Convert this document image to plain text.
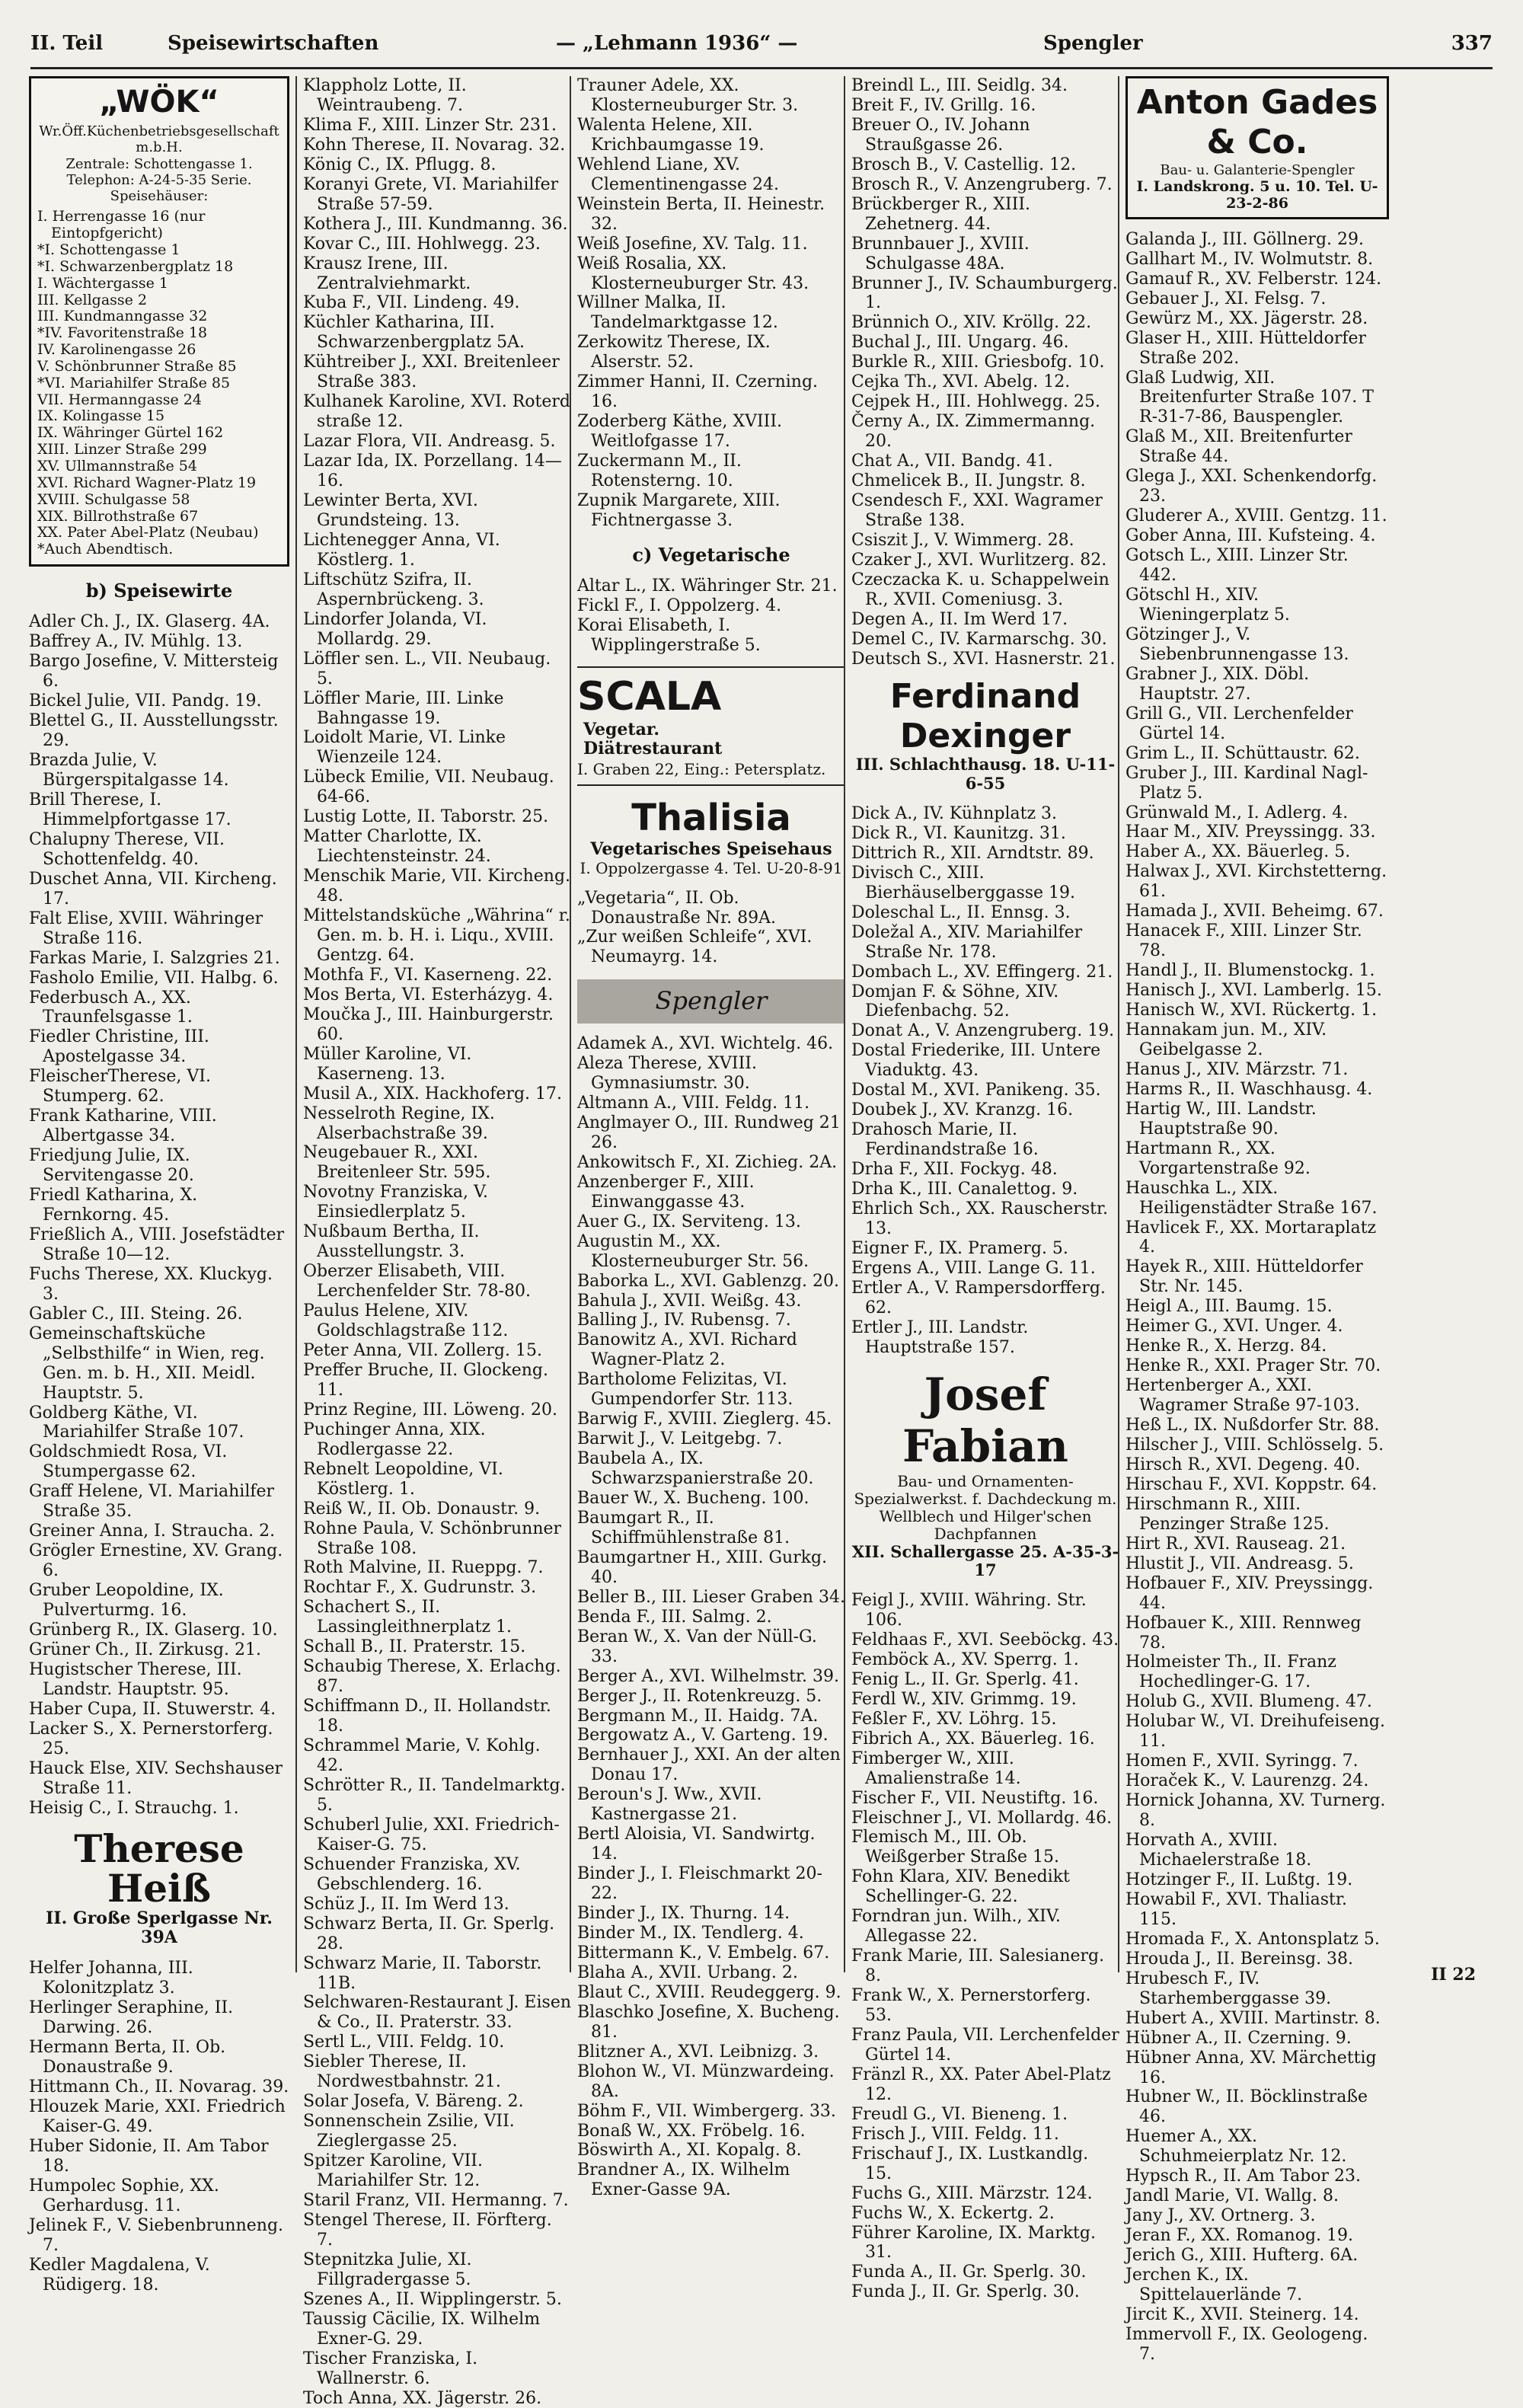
II. Teil	Speisewirtschaften	— „Lehmann 1936“ —	Spengler	337

„WÖK“

Wr.Öff.Küchenbetriebsgesellschaft m.b.H.

Zentrale: Schottengasse 1.

Telephon: A-24-5-35 Serie.

Speisehäuser:

I. Herrengasse 16 (nur Eintopfgericht)

*I. Schottengasse 1

*I. Schwarzenbergplatz 18

I. Wächtergasse 1

III. Kellgasse 2

III. Kundmanngasse 32

*IV. Favoritenstraße 18

IV. Karolinengasse 26

V. Schönbrunner Straße 85

*VI. Mariahilfer Straße 85

VII. Hermanngasse 24

IX. Kolingasse 15

IX. Währinger Gürtel 162

XIII. Linzer Straße 299

XV. Ullmannstraße 54

XVI. Richard Wagner-Platz 19

XVIII. Schulgasse 58

XIX. Billrothstraße 67

XX. Pater Abel-Platz (Neubau)

*Auch Abendtisch.

b) Speisewirte

Adler Ch. J., IX. Glaserg. 4A.

Baffrey A., IV. Mühlg. 13.

Bargo Josefine, V. Mittersteig 6.

Bickel Julie, VII. Pandg. 19.

Blettel G., II. Ausstellungsstr. 29.

Brazda Julie, V. Bürgerspitalgasse 14.

Brill Therese, I. Himmelpfortgasse 17.

Chalupny Therese, VII. Schottenfeldg. 40.

Duschet Anna, VII. Kircheng. 17.

Falt Elise, XVIII. Währinger Straße 116.

Farkas Marie, I. Salzgries 21.

Fasholo Emilie, VII. Halbg. 6.

Federbusch A., XX. Traunfelsgasse 1.

Fiedler Christine, III. Apostelgasse 34.

FleischerTherese, VI. Stumperg. 62.

Frank Katharine, VIII. Albertgasse 34.

Friedjung Julie, IX. Servitengasse 20.

Friedl Katharina, X. Fernkorng. 45.

Frießlich A., VIII. Josefstädter Straße 10—12.

Fuchs Therese, XX. Kluckyg. 3.

Gabler C., III. Steing. 26.

Gemeinschaftsküche „Selbsthilfe“ in Wien, reg. Gen. m. b. H., XII. Meidl. Hauptstr. 5.

Goldberg Käthe, VI. Mariahilfer Straße 107.

Goldschmiedt Rosa, VI. Stumpergasse 62.

Graff Helene, VI. Mariahilfer Straße 35.

Greiner Anna, I. Straucha. 2.

Grögler Ernestine, XV. Grang. 6.

Gruber Leopoldine, IX. Pulverturmg. 16.

Grünberg R., IX. Glaserg. 10.

Grüner Ch., II. Zirkusg. 21.

Hugistscher Therese, III. Landstr. Hauptstr. 95.

Haber Cupa, II. Stuwerstr. 4.

Lacker S., X. Pernerstorferg. 25.

Hauck Else, XIV. Sechshauser Straße 11.

Heisig C., I. Strauchg. 1.

Therese Heiß
II. Große Sperlgasse Nr. 39A

Helfer Johanna, III. Kolonitzplatz 3.

Herlinger Seraphine, II. Darwing. 26.

Hermann Berta, II. Ob. Donaustraße 9.

Hittmann Ch., II. Novarag. 39.

Hlouzek Marie, XXI. Friedrich Kaiser-G. 49.

Huber Sidonie, II. Am Tabor 18.

Humpolec Sophie, XX. Gerhardusg. 11.

Jelinek F., V. Siebenbrunneng. 7.

Kedler Magdalena, V. Rüdigerg. 18.

Klappholz Lotte, II. Weintraubeng. 7.

Klima F., XIII. Linzer Str. 231.

Kohn Therese, II. Novarag. 32.

König C., IX. Pflugg. 8.

Koranyi Grete, VI. Mariahilfer Straße 57-59.

Kothera J., III. Kundmanng. 36.

Kovar C., III. Hohlwegg. 23.

Krausz Irene, III. Zentralviehmarkt.

Kuba F., VII. Lindeng. 49.

Küchler Katharina, III. Schwarzenbergplatz 5A.

Kühtreiber J., XXI. Breitenleer Straße 383.

Kulhanek Karoline, XVI. Roterd straße 12.

Lazar Flora, VII. Andreasg. 5.

Lazar Ida, IX. Porzellang. 14—16.

Lewinter Berta, XVI. Grundsteing. 13.

Lichtenegger Anna, VI. Köstlerg. 1.

Liftschütz Szifra, II. Aspernbrückeng. 3.

Lindorfer Jolanda, VI. Mollardg. 29.

Löffler sen. L., VII. Neubaug. 5.

Löffler Marie, III. Linke Bahngasse 19.

Loidolt Marie, VI. Linke Wienzeile 124.

Lübeck Emilie, VII. Neubaug. 64-66.

Lustig Lotte, II. Taborstr. 25.

Matter Charlotte, IX. Liechtensteinstr. 24.

Menschik Marie, VII. Kircheng. 48.

Mittelstandsküche „Währina“ r. Gen. m. b. H. i. Liqu., XVIII. Gentzg. 64.

Mothfa F., VI. Kaserneng. 22.

Mos Berta, VI. Esterházyg. 4.

Moučka J., III. Hainburgerstr. 60.

Müller Karoline, VI. Kaserneng. 13.

Musil A., XIX. Hackhoferg. 17.

Nesselroth Regine, IX. Alserbachstraße 39.

Neugebauer R., XXI. Breitenleer Str. 595.

Novotny Franziska, V. Einsiedlerplatz 5.

Nußbaum Bertha, II. Ausstellungstr. 3.

Oberzer Elisabeth, VIII. Lerchenfelder Str. 78-80.

Paulus Helene, XIV. Goldschlagstraße 112.

Peter Anna, VII. Zollerg. 15.

Preffer Bruche, II. Glockeng. 11.

Prinz Regine, III. Löweng. 20.

Puchinger Anna, XIX. Rodlergasse 22.

Rebnelt Leopoldine, VI. Köstlerg. 1.

Reiß W., II. Ob. Donaustr. 9.

Rohne Paula, V. Schönbrunner Straße 108.

Roth Malvine, II. Rueppg. 7.

Rochtar F., X. Gudrunstr. 3.

Schachert S., II. Lassingleithnerplatz 1.

Schall B., II. Praterstr. 15.

Schaubig Therese, X. Erlachg. 87.

Schiffmann D., II. Hollandstr. 18.

Schrammel Marie, V. Kohlg. 42.

Schrötter R., II. Tandelmarktg. 5.

Schuberl Julie, XXI. Friedrich-Kaiser-G. 75.

Schuender Franziska, XV. Gebschlenderg. 16.

Schüz J., II. Im Werd 13.

Schwarz Berta, II. Gr. Sperlg. 28.

Schwarz Marie, II. Taborstr. 11B.

Selchwaren-Restaurant J. Eisen & Co., II. Praterstr. 33.

Sertl L., VIII. Feldg. 10.

Siebler Therese, II. Nordwestbahnstr. 21.

Solar Josefa, V. Bäreng. 2.

Sonnenschein Zsilie, VII. Zieglergasse 25.

Spitzer Karoline, VII. Mariahilfer Str. 12.

Staril Franz, VII. Hermanng. 7.

Stengel Therese, II. Förfterg. 7.

Stepnitzka Julie, XI. Fillgradergasse 5.

Szenes A., II. Wipplingerstr. 5.

Taussig Cäcilie, IX. Wilhelm Exner-G. 29.

Tischer Franziska, I. Wallnerstr. 6.

Toch Anna, XX. Jägerstr. 26.

Trauner Adele, XX. Klosterneuburger Str. 3.

Walenta Helene, XII. Krichbaumgasse 19.

Wehlend Liane, XV. Clementinengasse 24.

Weinstein Berta, II. Heinestr. 32.

Weiß Josefine, XV. Talg. 11.

Weiß Rosalia, XX. Klosterneuburger Str. 43.

Willner Malka, II. Tandelmarktgasse 12.

Zerkowitz Therese, IX. Alserstr. 52.

Zimmer Hanni, II. Czerning. 16.

Zoderberg Käthe, XVIII. Weitlofgasse 17.

Zuckermann M., II. Rotensterng. 10.

Zupnik Margarete, XIII. Fichtnergasse 3.

c) Vegetarische

Altar L., IX. Währinger Str. 21.

Fickl F., I. Oppolzerg. 4.

Korai Elisabeth, I. Wipplingerstraße 5.

SCALA Vegetar.
Diätrestaurant
I. Graben 22, Eing.: Petersplatz.
Thalisia
Vegetarisches Speisehaus
I. Oppolzergasse 4. Tel. U-20-8-91

„Vegetaria“, II. Ob. Donaustraße Nr. 89A.

„Zur weißen Schleife“, XVI. Neumayrg. 14.

Spengler

Adamek A., XVI. Wichtelg. 46.

Aleza Therese, XVIII. Gymnasiumstr. 30.

Altmann A., VIII. Feldg. 11.

Anglmayer O., III. Rundweg 21 26.

Ankowitsch F., XI. Zichieg. 2A.

Anzenberger F., XIII. Einwanggasse 43.

Auer G., IX. Serviteng. 13.

Augustin M., XX. Klosterneuburger Str. 56.

Baborka L., XVI. Gablenzg. 20.

Bahula J., XVII. Weißg. 43.

Balling J., IV. Rubensg. 7.

Banowitz A., XVI. Richard Wagner-Platz 2.

Bartholome Felizitas, VI. Gumpendorfer Str. 113.

Barwig F., XVIII. Zieglerg. 45.

Barwit J., V. Leitgebg. 7.

Baubela A., IX. Schwarzspanierstraße 20.

Bauer W., X. Bucheng. 100.

Baumgart R., II. Schiffmühlenstraße 81.

Baumgartner H., XIII. Gurkg. 40.

Beller B., III. Lieser Graben 34.

Benda F., III. Salmg. 2.

Beran W., X. Van der Nüll-G. 33.

Berger A., XVI. Wilhelmstr. 39.

Berger J., II. Rotenkreuzg. 5.

Bergmann M., II. Haidg. 7A.

Bergowatz A., V. Garteng. 19.

Bernhauer J., XXI. An der alten Donau 17.

Beroun's J. Ww., XVII. Kastnergasse 21.

Bertl Aloisia, VI. Sandwirtg. 14.

Binder J., I. Fleischmarkt 20-22.

Binder J., IX. Thurng. 14.

Binder M., IX. Tendlerg. 4.

Bittermann K., V. Embelg. 67.

Blaha A., XVII. Urbang. 2.

Blaut C., XVIII. Reudeggerg. 9.

Blaschko Josefine, X. Bucheng. 81.

Blitzner A., XVI. Leibnizg. 3.

Blohon W., VI. Münzwardeing. 8A.

Böhm F., VII. Wimbergerg. 33.

Bonaß W., XX. Fröbelg. 16.

Böswirth A., XI. Kopalg. 8.

Brandner A., IX. Wilhelm Exner-Gasse 9A.

Breindl L., III. Seidlg. 34.

Breit F., IV. Grillg. 16.

Breuer O., IV. Johann Straußgasse 26.

Brosch B., V. Castellig. 12.

Brosch R., V. Anzengruberg. 7.

Brückberger R., XIII. Zehetnerg. 44.

Brunnbauer J., XVIII. Schulgasse 48A.

Brunner J., IV. Schaumburgerg. 1.

Brünnich O., XIV. Kröllg. 22.

Buchal J., III. Ungarg. 46.

Burkle R., XIII. Griesbofg. 10.

Cejka Th., XVI. Abelg. 12.

Cejpek H., III. Hohlwegg. 25.

Černy A., IX. Zimmermanng. 20.

Chat A., VII. Bandg. 41.

Chmelicek B., II. Jungstr. 8.

Csendesch F., XXI. Wagramer Straße 138.

Csiszit J., V. Wimmerg. 28.

Czaker J., XVI. Wurlitzerg. 82.

Czeczacka K. u. Schappelwein R., XVII. Comeniusg. 3.

Degen A., II. Im Werd 17.

Demel C., IV. Karmarschg. 30.

Deutsch S., XVI. Hasnerstr. 21.

Ferdinand Dexinger
III. Schlachthausg. 18. U-11-6-55

Dick A., IV. Kühnplatz 3.

Dick R., VI. Kaunitzg. 31.

Dittrich R., XII. Arndtstr. 89.

Divisch C., XIII. Bierhäuselberggasse 19.

Doleschal L., II. Ennsg. 3.

Doležal A., XIV. Mariahilfer Straße Nr. 178.

Dombach L., XV. Effingerg. 21.

Domjan F. & Söhne, XIV. Diefenbachg. 52.

Donat A., V. Anzengruberg. 19.

Dostal Friederike, III. Untere Viaduktg. 43.

Dostal M., XVI. Panikeng. 35.

Doubek J., XV. Kranzg. 16.

Drahosch Marie, II. Ferdinandstraße 16.

Drha F., XII. Fockyg. 48.

Drha K., III. Canalettog. 9.

Ehrlich Sch., XX. Rauscherstr. 13.

Eigner F., IX. Pramerg. 5.

Ergens A., VIII. Lange G. 11.

Ertler A., V. Rampersdorfferg. 62.

Ertler J., III. Landstr. Hauptstraße 157.

Josef Fabian
Bau- und Ornamenten-Spezialwerkst. f. Dachdeckung m. Wellblech und Hilger'schen Dachpfannen
XII. Schallergasse 25. A-35-3-17

Feigl J., XVIII. Währing. Str. 106.

Feldhaas F., XVI. Seeböckg. 43.

Femböck A., XV. Sperrg. 1.

Fenig L., II. Gr. Sperlg. 41.

Ferdl W., XIV. Grimmg. 19.

Feßler F., XV. Löhrg. 15.

Fibrich A., XX. Bäuerleg. 16.

Fimberger W., XIII. Amalienstraße 14.

Fischer F., VII. Neustiftg. 16.

Fleischner J., VI. Mollardg. 46.

Flemisch M., III. Ob. Weißgerber Straße 15.

Fohn Klara, XIV. Benedikt Schellinger-G. 22.

Forndran jun. Wilh., XIV. Allegasse 22.

Frank Marie, III. Salesianerg. 8.

Frank W., X. Pernerstorferg. 53.

Franz Paula, VII. Lerchenfelder Gürtel 14.

Fränzl R., XX. Pater Abel-Platz 12.

Freudl G., VI. Bieneng. 1.

Frisch J., VIII. Feldg. 11.

Frischauf J., IX. Lustkandlg. 15.

Fuchs G., XIII. Märzstr. 124.

Fuchs W., X. Eckertg. 2.

Führer Karoline, IX. Marktg. 31.

Funda A., II. Gr. Sperlg. 30.

Funda J., II. Gr. Sperlg. 30.

Anton Gades & Co.
Bau- u. Galanterie-Spengler
I. Landskrong. 5 u. 10. Tel. U-23-2-86

Galanda J., III. Göllnerg. 29.

Gallhart M., IV. Wolmutstr. 8.

Gamauf R., XV. Felberstr. 124.

Gebauer J., XI. Felsg. 7.

Gewürz M., XX. Jägerstr. 28.

Glaser H., XIII. Hütteldorfer Straße 202.

Glaß Ludwig, XII. Breitenfurter Straße 107. T R-31-7-86, Bauspengler.

Glaß M., XII. Breitenfurter Straße 44.

Glega J., XXI. Schenkendorfg. 23.

Gluderer A., XVIII. Gentzg. 11.

Gober Anna, III. Kufsteing. 4.

Gotsch L., XIII. Linzer Str. 442.

Götschl H., XIV. Wieningerplatz 5.

Götzinger J., V. Siebenbrunnengasse 13.

Grabner J., XIX. Döbl. Hauptstr. 27.

Grill G., VII. Lerchenfelder Gürtel 14.

Grim L., II. Schüttaustr. 62.

Gruber J., III. Kardinal Nagl-Platz 5.

Grünwald M., I. Adlerg. 4.

Haar M., XIV. Preyssingg. 33.

Haber A., XX. Bäuerleg. 5.

Halwax J., XVI. Kirchstetterng. 61.

Hamada J., XVII. Beheimg. 67.

Hanacek F., XIII. Linzer Str. 78.

Handl J., II. Blumenstockg. 1.

Hanisch J., XVI. Lamberlg. 15.

Hanisch W., XVI. Rückertg. 1.

Hannakam jun. M., XIV. Geibelgasse 2.

Hanus J., XIV. Märzstr. 71.

Harms R., II. Waschhausg. 4.

Hartig W., III. Landstr. Hauptstraße 90.

Hartmann R., XX. Vorgartenstraße 92.

Hauschka L., XIX. Heiligenstädter Straße 167.

Havlicek F., XX. Mortaraplatz 4.

Hayek R., XIII. Hütteldorfer Str. Nr. 145.

Heigl A., III. Baumg. 15.

Heimer G., XVI. Unger. 4.

Henke R., X. Herzg. 84.

Henke R., XXI. Prager Str. 70.

Hertenberger A., XXI. Wagramer Straße 97-103.

Heß L., IX. Nußdorfer Str. 88.

Hilscher J., VIII. Schlösselg. 5.

Hirsch R., XVI. Degeng. 40.

Hirschau F., XVI. Koppstr. 64.

Hirschmann R., XIII. Penzinger Straße 125.

Hirt R., XVI. Rauseag. 21.

Hlustit J., VII. Andreasg. 5.

Hofbauer F., XIV. Preyssingg. 44.

Hofbauer K., XIII. Rennweg 78.

Holmeister Th., II. Franz Hochedlinger-G. 17.

Holub G., XVII. Blumeng. 47.

Holubar W., VI. Dreihufeiseng. 11.

Homen F., XVII. Syringg. 7.

Horaček K., V. Laurenzg. 24.

Hornick Johanna, XV. Turnerg. 8.

Horvath A., XVIII. Michaelerstraße 18.

Hotzinger F., II. Lußtg. 19.

Howabil F., XVI. Thaliastr. 115.

Hromada F., X. Antonsplatz 5.

Hrouda J., II. Bereinsg. 38.

Hrubesch F., IV. Starhemberggasse 39.

Hubert A., XVIII. Martinstr. 8.

Hübner A., II. Czerning. 9.

Hübner Anna, XV. Märchettig 16.

Hubner W., II. Böcklinstraße 46.

Huemer A., XX. Schuhmeierplatz Nr. 12.

Hypsch R., II. Am Tabor 23.

Jandl Marie, VI. Wallg. 8.

Jany J., XV. Ortnerg. 3.

Jeran F., XX. Romanog. 19.

Jerich G., XIII. Hufterg. 6A.

Jerchen K., IX. Spittelauerlände 7.

Jircit K., XVII. Steinerg. 14.

Immervoll F., IX. Geologeng. 7.

II 22
